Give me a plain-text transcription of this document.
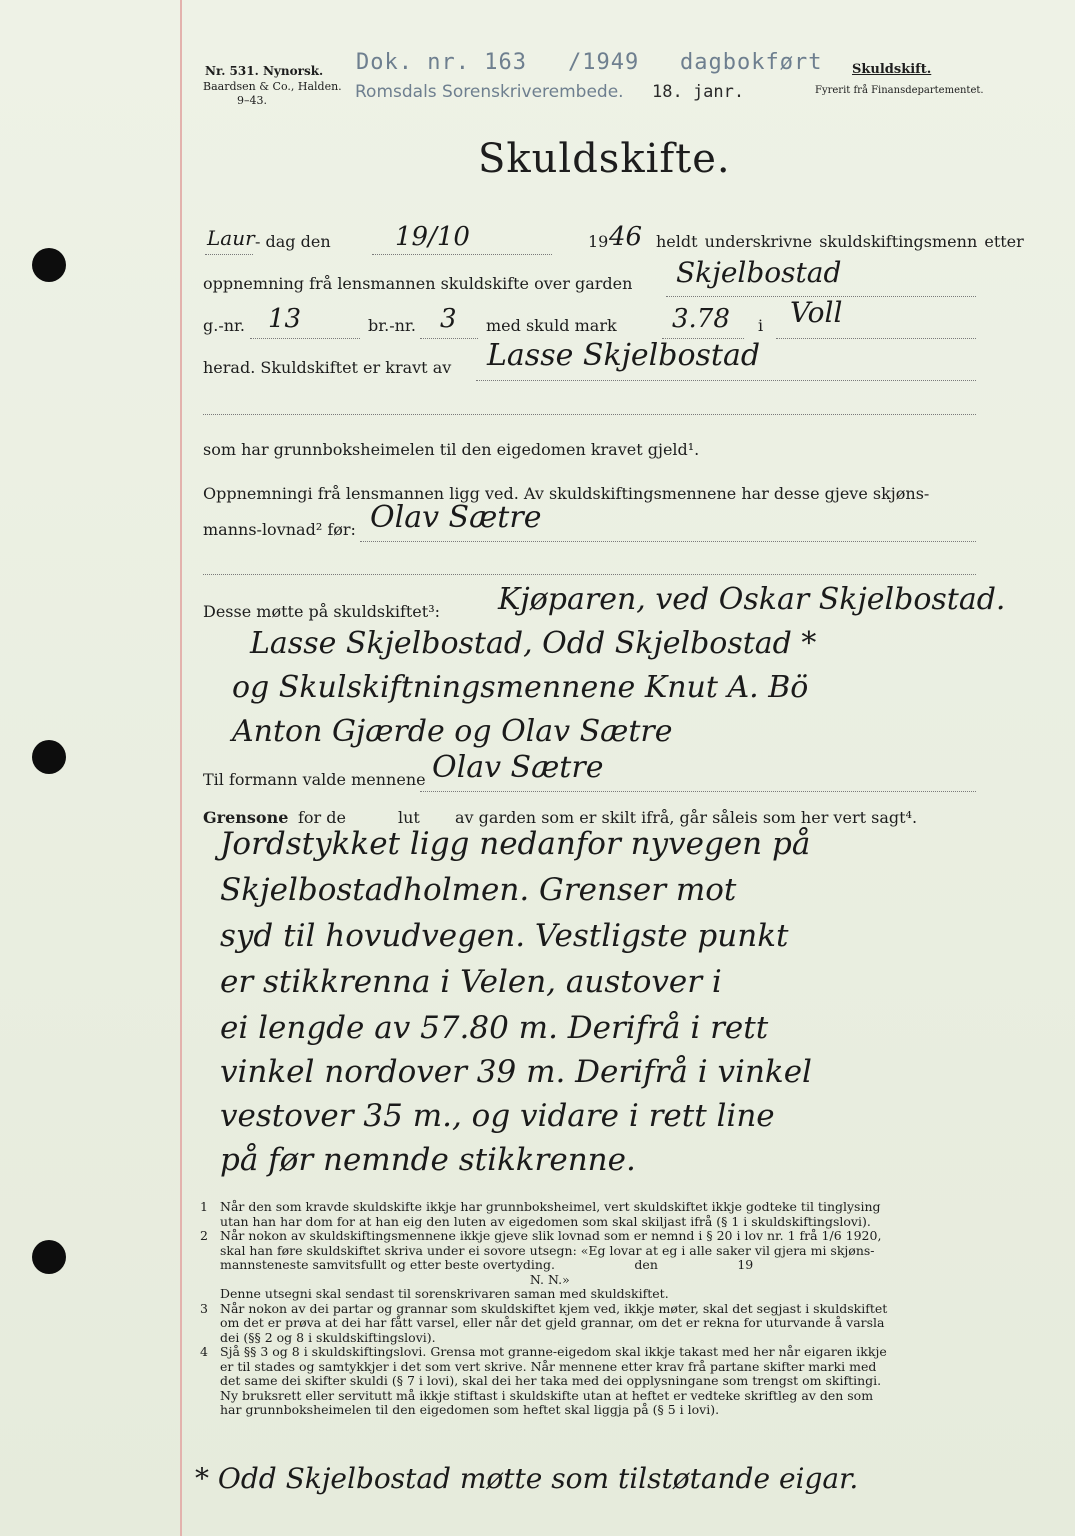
Nr. 531. Nynorsk.
Baardsen & Co., Halden.
9–43.
Dok. nr. 163 /1949 dagbokført
Romsdals Sorenskriverembede. 18. janr.
Skuldskift.
Fyrerit frå Finansdepartementet.
Skuldskifte.
Laur - dag den 19/10	19 46 heldt underskrivne skuldskiftingsmenn etter
oppnemning frå lensmannen skuldskifte over garden Skjelbostad
g.-nr. 13	br.-nr. 3 med skuld mark 3.78 i Voll
herad. Skuldskiftet er kravt av Lasse Skjelbostad
som har grunnboksheimelen til den eigedomen kravet gjeld¹.
Oppnemningi frå lensmannen ligg ved. Av skuldskiftingsmennene har desse gjeve skjøns-
manns-lovnad² før: Olav Sætre
Desse møtte på skuldskiftet³: Kjøparen, ved Oskar Skjelbostad.
Lasse Skjelbostad, Odd Skjelbostad *
og Skulskiftningsmennene Knut A. Bö
Anton Gjærde og Olav Sætre
Til formann valde mennene Olav Sætre
Grensone for de	lut av garden som er skilt ifrå, går såleis som her vert sagt⁴.
Jordstykket ligg nedanfor nyvegen på
Skjelbostadholmen. Grenser mot
syd til hovudvegen. Vestligste punkt
er stikkrenna i Velen, austover i
ei lengde av 57.80 m. Derifrå i rett
vinkel nordover 39 m. Derifrå i vinkel
vestover 35 m., og vidare i rett line
på før nemnde stikkrenne.
1 Når den som kravde skuldskifte ikkje har grunnboksheimel, vert skuldskiftet ikkje godteke til tinglysing
utan han har dom for at han eig den luten av eigedomen som skal skiljast ifrå (§ 1 i skuldskiftingslovi).
2 Når nokon av skuldskiftingsmennene ikkje gjeve slik lovnad som er nemnd i § 20 i lov nr. 1 frå 1/6 1920,
skal han føre skuldskiftet skriva under ei sovore utsegn: «Eg lovar at eg i alle saker vil gjera mi skjøns-
mannsteneste samvitsfullt og etter beste overtyding.                    den                    19
N. N.»
Denne utsegni skal sendast til sorenskrivaren saman med skuldskiftet.
3 Når nokon av dei partar og grannar som skuldskiftet kjem ved, ikkje møter, skal det segjast i skuldskiftet
om det er prøva at dei har fått varsel, eller når det gjeld grannar, om det er rekna for uturvande å varsla
dei (§§ 2 og 8 i skuldskiftingslovi).
4 Sjå §§ 3 og 8 i skuldskiftingslovi. Grensa mot granne-eigedom skal ikkje takast med her når eigaren ikkje
er til stades og samtykkjer i det som vert skrive. Når mennene etter krav frå partane skifter marki med
det same dei skifter skuldi (§ 7 i lovi), skal dei her taka med dei opplysningane som trengst om skiftingi.
Ny bruksrett eller servitutt må ikkje stiftast i skuldskifte utan at heftet er vedteke skriftleg av den som
har grunnboksheimelen til den eigedomen som heftet skal liggja på (§ 5 i lovi).
* Odd Skjelbostad møtte som tilstøtande eigar.
